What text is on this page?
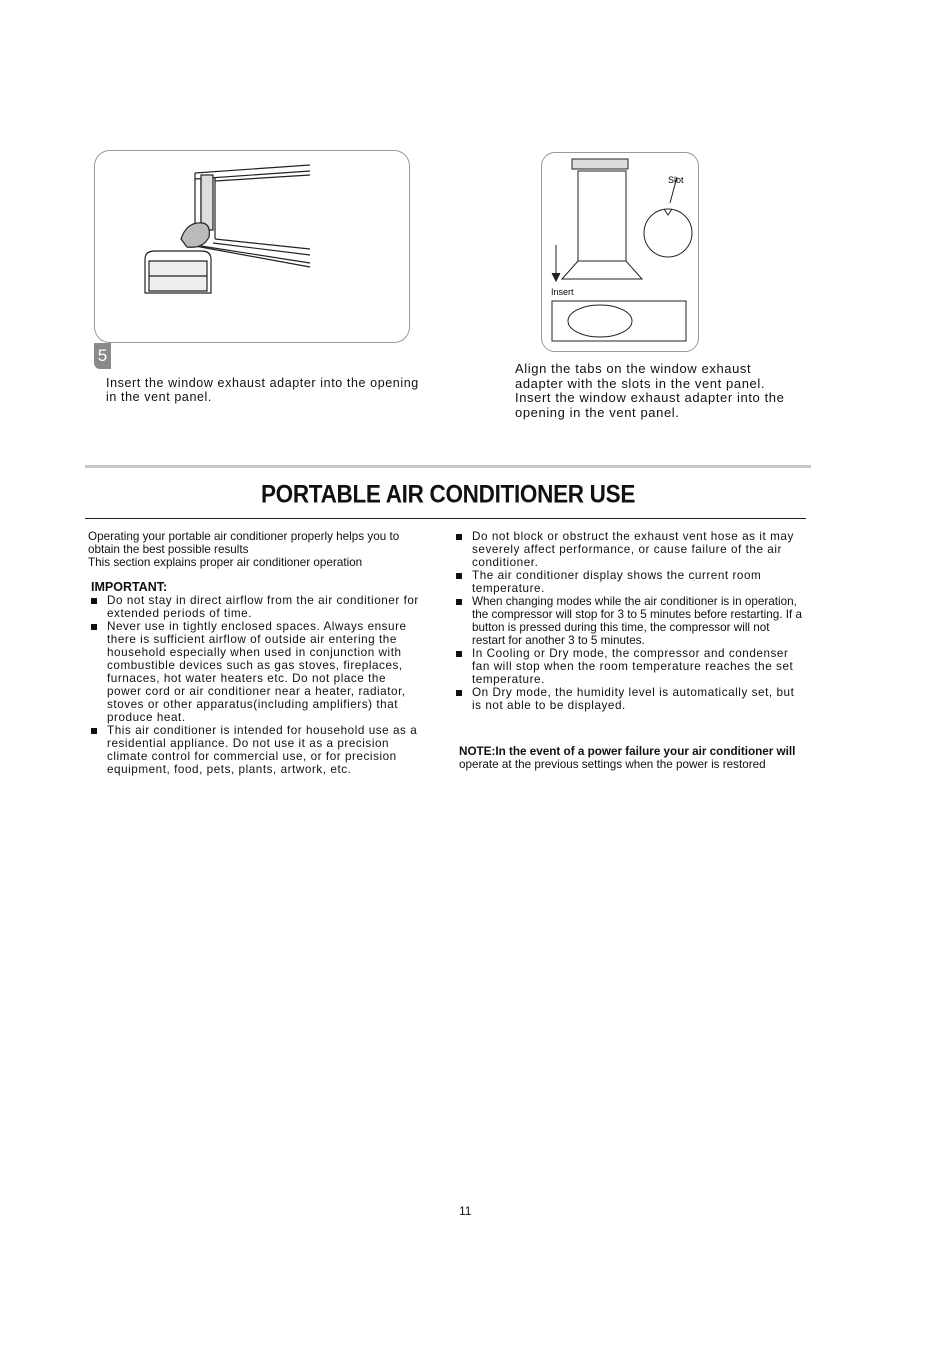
5
Insert the window exhaust adapter into the opening
in the vent panel.
Slot
Insert
Align the tabs on the window exhaust
adapter with the slots in the vent panel.
Insert the window exhaust adapter into the
opening in the vent panel.
PORTABLE AIR CONDITIONER USE
Operating your portable air conditioner properly helps you to
obtain the best possible results
This section explains proper air conditioner operation
IMPORTANT:

Do not stay in direct airflow from the air conditioner for extended periods of time.

Never use in tightly enclosed spaces. Always ensure there is sufficient airflow of outside air entering the household especially when used in conjunction with combustible devices such as gas stoves, fireplaces, furnaces, hot water heaters etc. Do not place the power cord or air conditioner near a heater, radiator, stoves or other apparatus(including amplifiers) that produce heat.

This air conditioner is intended for household use as a residential appliance. Do not use it as a precision climate control for commercial use, or for precision equipment, food, pets, plants, artwork, etc.

Do not block or obstruct the exhaust vent hose as it may severely affect performance, or cause failure of the air conditioner.

The air conditioner display shows the current room temperature.

When changing modes while the air conditioner is in operation, the compressor will stop for 3 to 5 minutes before restarting. If a button is pressed during this time, the compressor will not restart for another 3 to 5 minutes.

In Cooling or Dry mode, the compressor and condenser fan will stop when the room temperature reaches the set temperature.

On Dry mode, the humidity level is automatically set, but is not able to be displayed.

NOTE:In the event of a power failure your air conditioner will
operate at the previous settings when the power is restored
11
